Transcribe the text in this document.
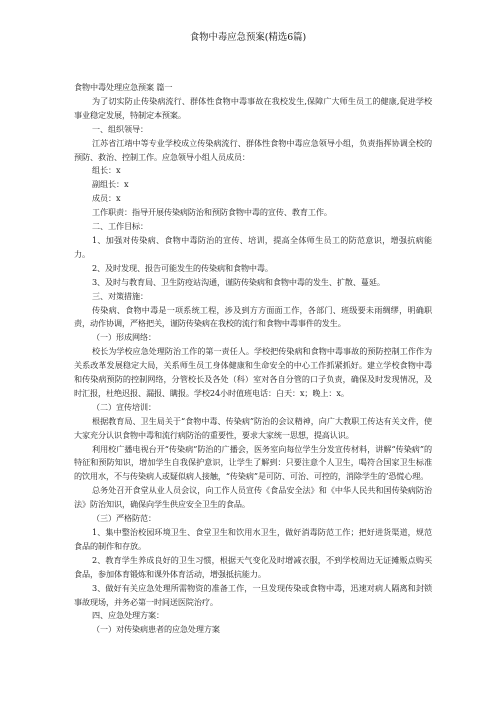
食物中毒应急预案(精选6篇)

食物中毒处理应急预案 篇一

为了切实防止传染病流行、群体性食物中毒事故在我校发生,保障广大师生员工的健康,促进学校事业稳定发展，特制定本预案。

一、组织领导：

江苏省江靖中等专业学校成立传染病流行、群体性食物中毒应急领导小组，负责指挥协调全校的预防、救治、控制工作。应急领导小组人员成员：

组长：x

副组长：x

成员：x

工作职责：指导开展传染病防治和预防食物中毒的宣传、教育工作。

二、工作目标：

1、加强对传染病、食物中毒防治的宣传、培训，提高全体师生员工的防范意识，增强抗病能力。

2、及时发现、报告可能发生的传染病和食物中毒。

3、及时与教育局、卫生防疫站沟通，谨防传染病和食物中毒的发生、扩散、蔓延。

三、对策措施：

传染病、食物中毒是一项系统工程，涉及到方方面面工作，各部门、班级要未雨绸缪，明确职责，动作协调，严格把关，谨防传染病在我校的流行和食物中毒事件的发生。

（一）形成网络：

校长为学校应急处理防治工作的第一责任人。学校把传染病和食物中毒事故的预防控制工作作为关系改革发展稳定大局，关系师生员工身体健康和生命安全的中心工作抓紧抓好。建立学校食物中毒和传染病预防的控制网络，分管校长及各处（科）室对各自分管的口子负责，确保及时发现情况，及时汇报，杜绝迟报、漏报、瞒报。学校24小时值班电话：白天：x；晚上：x。

（二）宣传培训：

根据教育局、卫生局关于“食物中毒、传染病”防治的会议精神，向广大教职工传达有关文件，使大家充分认识食物中毒和流行病防治的重要性，要求大家统一思想，提高认识。

利用校广播电视台开“传染病”防治的广播会，医务室向每位学生分发宣传材料，讲解“传染病”的特征和预防知识，增加学生自我保护意识，让学生了解到：只要注意个人卫生，喝符合国家卫生标准的饮用水，不与传染病人或疑似病人接触，“传染病”是可防、可治、可控的，消除学生的‘恐慌心理。

总务处召开食堂从业人员会议，向工作人员宣传《食品安全法》和《中华人民共和国传染病防治法》防治知识，确保向学生供应安全卫生的食品。

（三）严格防范：

1、集中整治校园环境卫生、食堂卫生和饮用水卫生，做好消毒防范工作；把好进货渠道，规范食品的制作和存放。

2、教育学生养成良好的卫生习惯，根据天气变化及时增减衣服，不到学校周边无证摊贩点购买食品，参加体育锻炼和课外体育活动，增强抵抗能力。

3、做好有关应急处理所需物资的准备工作，一旦发现传染或食物中毒，迅速对病人隔离和封锁事故现场，并务必第一时间送医院治疗。

四、应急处理方案：

（一）对传染病患者的应急处理方案
